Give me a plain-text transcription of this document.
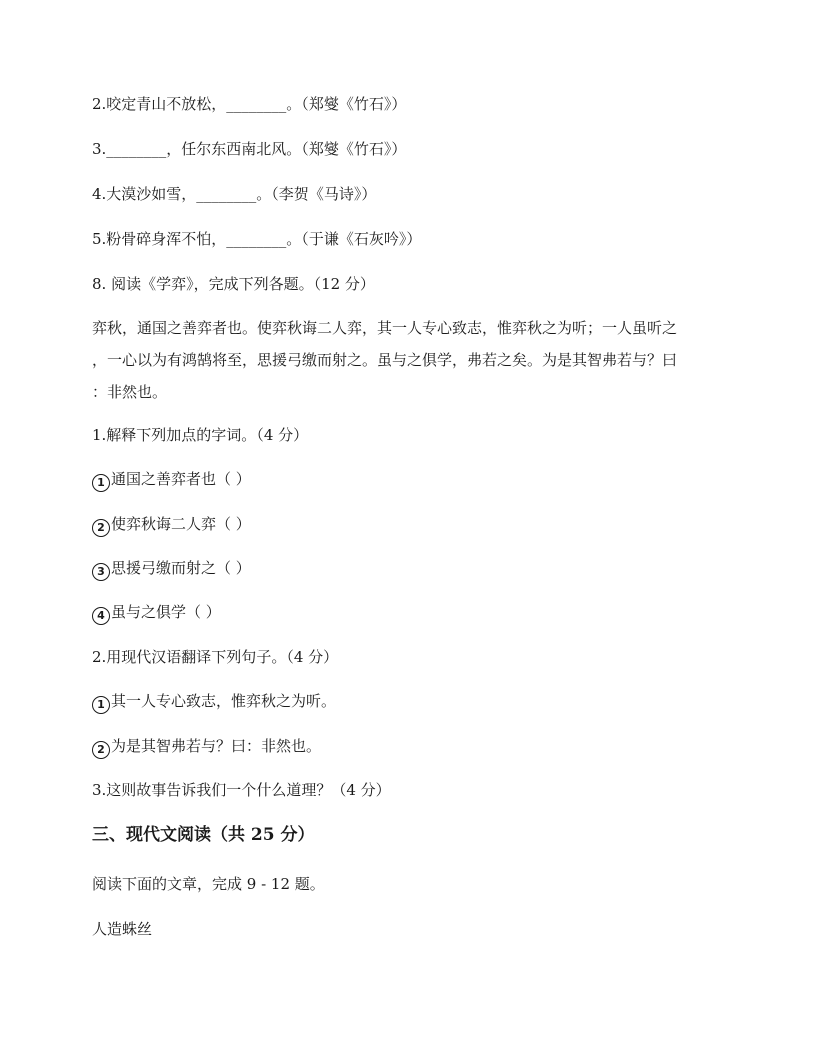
2.咬定青山不放松，________。（郑燮《竹石》）
3.________，任尔东西南北风。（郑燮《竹石》）
4.大漠沙如雪，________。（李贺《马诗》）
5.粉骨碎身浑不怕，________。（于谦《石灰吟》）
8. 阅读《学弈》，完成下列各题。（12 分）
弈秋，通国之善弈者也。使弈秋诲二人弈，其一人专心致志，惟弈秋之为听；一人虽听之
，一心以为有鸿鹄将至，思援弓缴而射之。虽与之俱学，弗若之矣。为是其智弗若与？曰
：非然也。
1.解释下列加点的字词。（4 分）
1 通国之善弈者也（ ）
2 使弈秋诲二人弈（ ）
3 思援弓缴而射之（ ）
4 虽与之俱学（ ）
2.用现代汉语翻译下列句子。（4 分）
1 其一人专心致志，惟弈秋之为听。
2 为是其智弗若与？曰：非然也。
3.这则故事告诉我们一个什么道理？（4 分）
三、现代文阅读（共 25 分）
阅读下面的文章，完成 9 - 12 题。
人造蛛丝
